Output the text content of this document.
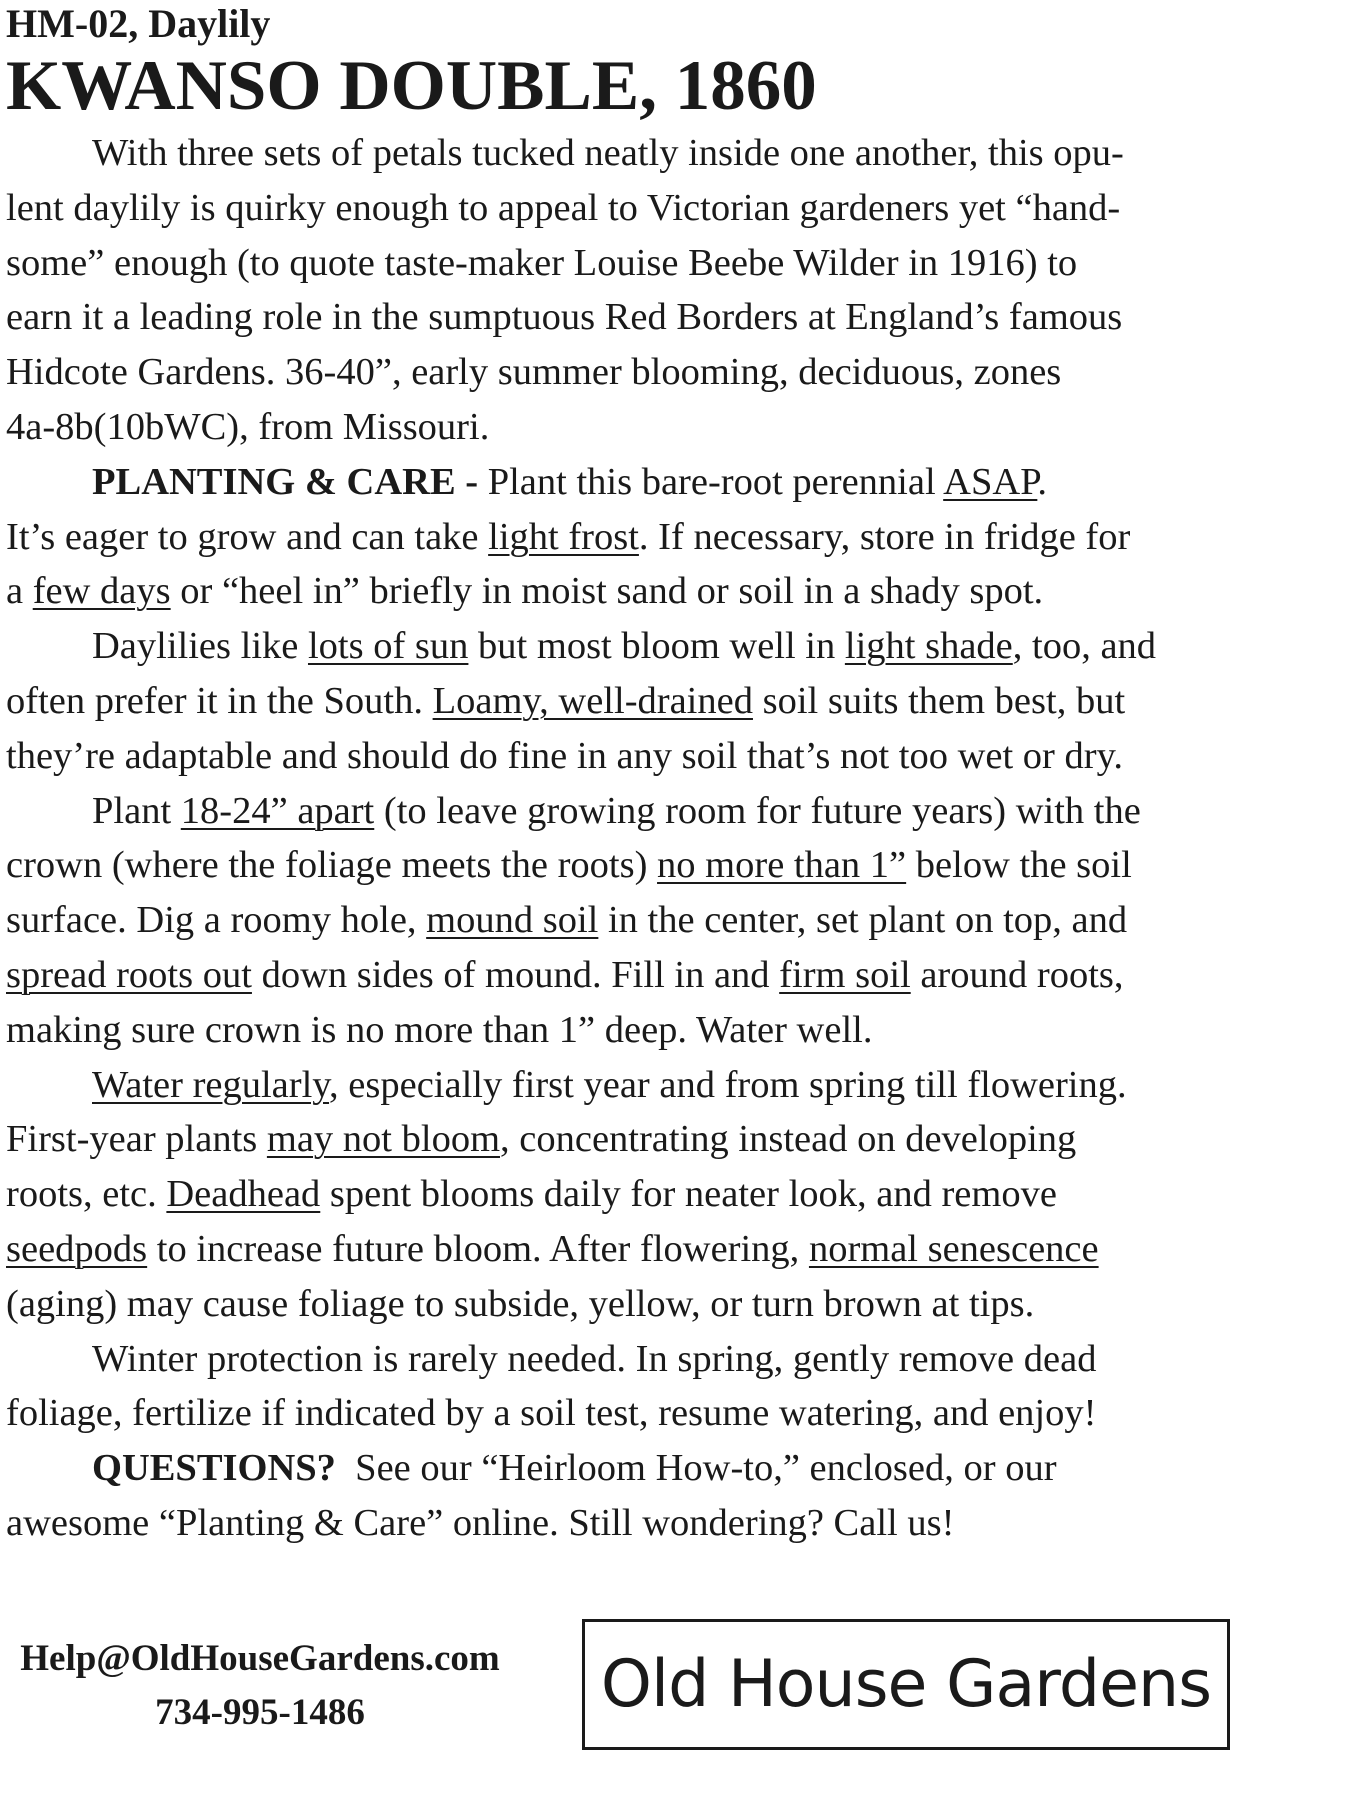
HM-02, Daylily

KWANSO DOUBLE, 1860
With three sets of petals tucked neatly inside one another, this opu-
lent daylily is quirky enough to appeal to Victorian gardeners yet “hand-
some” enough (to quote taste-maker Louise Beebe Wilder in 1916) to
earn it a leading role in the sumptuous Red Borders at England’s famous
Hidcote Gardens. 36-40”, early summer blooming, deciduous, zones
4a-8b(10bWC), from Missouri.
PLANTING & CARE - Plant this bare-root perennial ASAP.
It’s eager to grow and can take light frost. If necessary, store in fridge for
a few days or “heel in” briefly in moist sand or soil in a shady spot.
Daylilies like lots of sun but most bloom well in light shade, too, and
often prefer it in the South. Loamy, well-drained soil suits them best, but
they’re adaptable and should do fine in any soil that’s not too wet or dry.
Plant 18-24” apart (to leave growing room for future years) with the
crown (where the foliage meets the roots) no more than 1” below the soil
surface. Dig a roomy hole, mound soil in the center, set plant on top, and
spread roots out down sides of mound. Fill in and firm soil around roots,
making sure crown is no more than 1” deep. Water well.
Water regularly, especially first year and from spring till flowering.
First-year plants may not bloom, concentrating instead on developing
roots, etc. Deadhead spent blooms daily for neater look, and remove
seedpods to increase future bloom. After flowering, normal senescence
(aging) may cause foliage to subside, yellow, or turn brown at tips.
Winter protection is rarely needed. In spring, gently remove dead
foliage, fertilize if indicated by a soil test, resume watering, and enjoy!
QUESTIONS?  See our “Heirloom How-to,” enclosed, or our
awesome “Planting & Care” online. Still wondering? Call us!
Help@OldHouseGardens.com
734-995-1486	Old House Gardens
